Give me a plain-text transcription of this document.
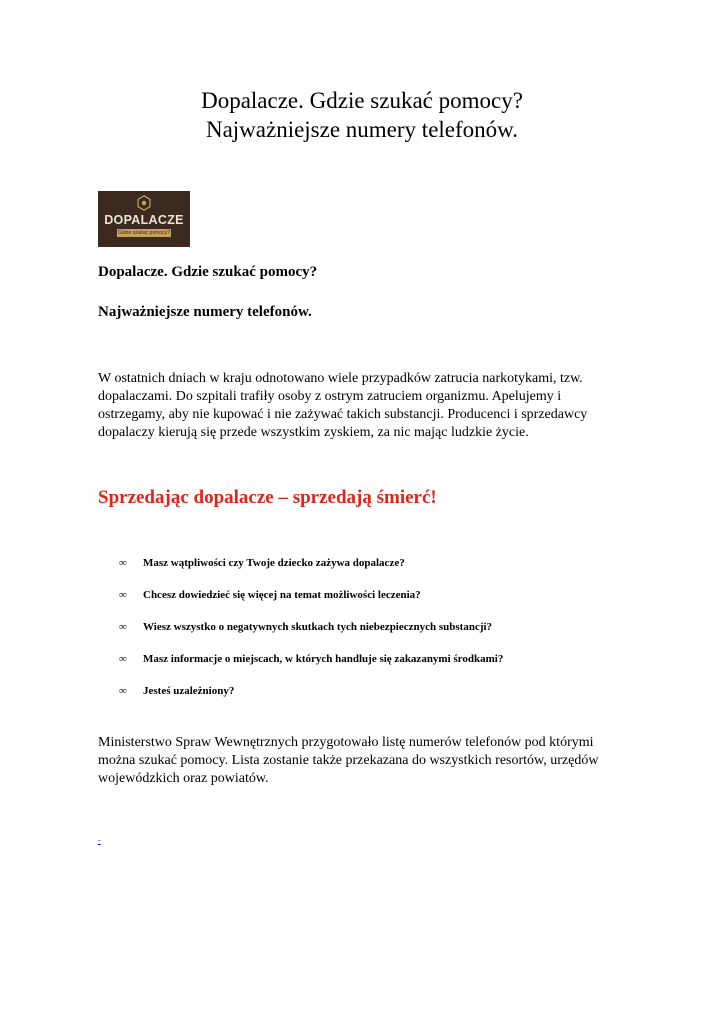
Dopalacze. Gdzie szukać pomocy?
Najważniejsze numery telefonów.
DOPALACZE
Gdzie szukać pomocy?
Dopalacze. Gdzie szukać pomocy?
Najważniejsze numery telefonów.
W ostatnich dniach w kraju odnotowano wiele przypadków zatrucia narkotykami, tzw.
dopalaczami. Do szpitali trafiły osoby z ostrym zatruciem organizmu. Apelujemy i
ostrzegamy, aby nie kupować i nie zażywać takich substancji. Producenci i sprzedawcy
dopalaczy kierują się przede wszystkim zyskiem, za nic mając ludzkie życie.
Sprzedając dopalacze – sprzedają śmierć!
∞	Masz wątpliwości czy Twoje dziecko zażywa dopalacze?
∞	Chcesz dowiedzieć się więcej na temat możliwości leczenia?
∞	Wiesz wszystko o negatywnych skutkach tych niebezpiecznych substancji?
∞	Masz informacje o miejscach, w których handluje się zakazanymi środkami?
∞	Jesteś uzależniony?
Ministerstwo Spraw Wewnętrznych przygotowało listę numerów telefonów pod którymi
można szukać pomocy. Lista zostanie także przekazana do wszystkich resortów, urzędów
wojewódzkich oraz powiatów.
-
